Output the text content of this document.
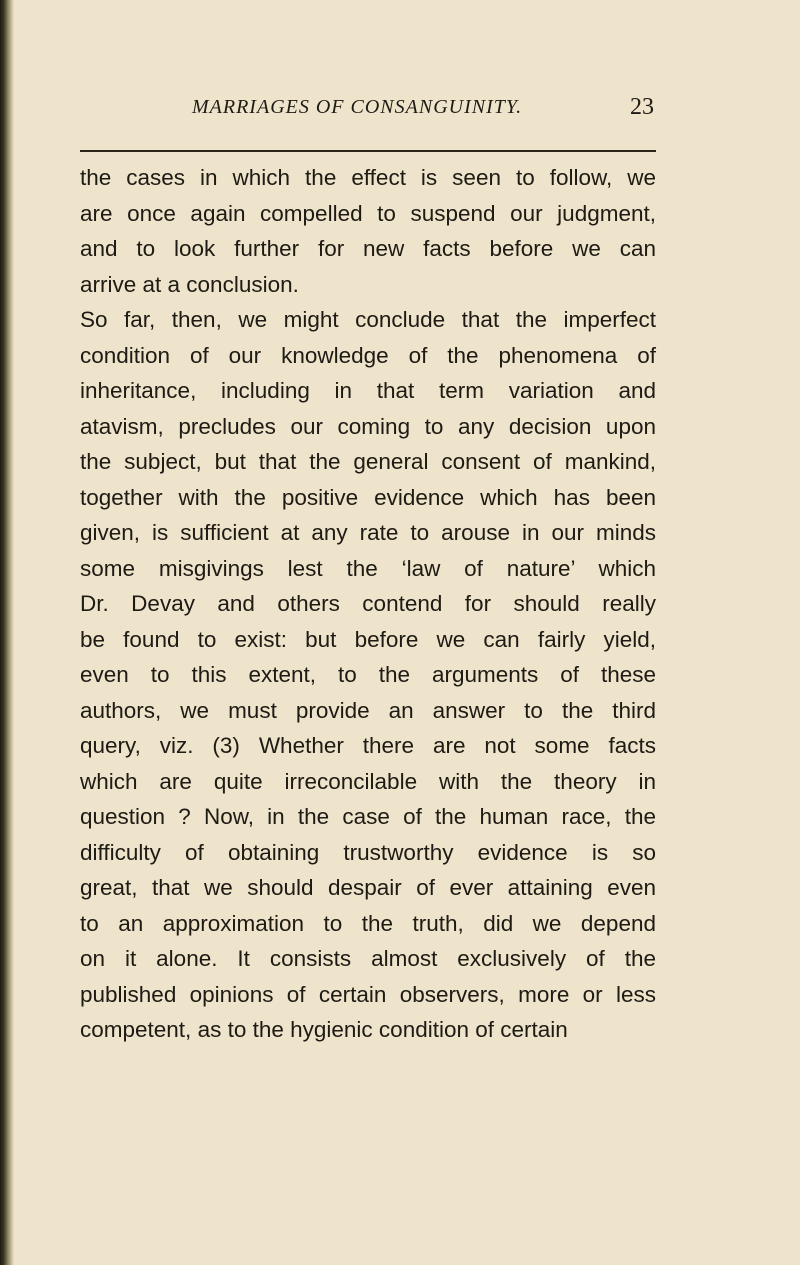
MARRIAGES OF CONSANGUINITY.	23
the cases in which the effect is seen to follow, we
are once again compelled to suspend our judgment,
and to look further for new facts before we can
arrive at a conclusion.
So far, then, we might conclude that the imperfect
condition of our knowledge of the phenomena of
inheritance, including in that term variation and
atavism, precludes our coming to any decision upon
the subject, but that the general consent of mankind,
together with the positive evidence which has been
given, is sufficient at any rate to arouse in our minds
some misgivings lest the ‘law of nature’ which
Dr. Devay and others contend for should really
be found to exist: but before we can fairly yield,
even to this extent, to the arguments of these
authors, we must provide an answer to the third
query, viz. (3) Whether there are not some facts
which are quite irreconcilable with the theory in
question ? Now, in the case of the human race, the
difficulty of obtaining trustworthy evidence is so
great, that we should despair of ever attaining even
to an approximation to the truth, did we depend
on it alone. It consists almost exclusively of the
published opinions of certain observers, more or less
competent, as to the hygienic condition of certain
